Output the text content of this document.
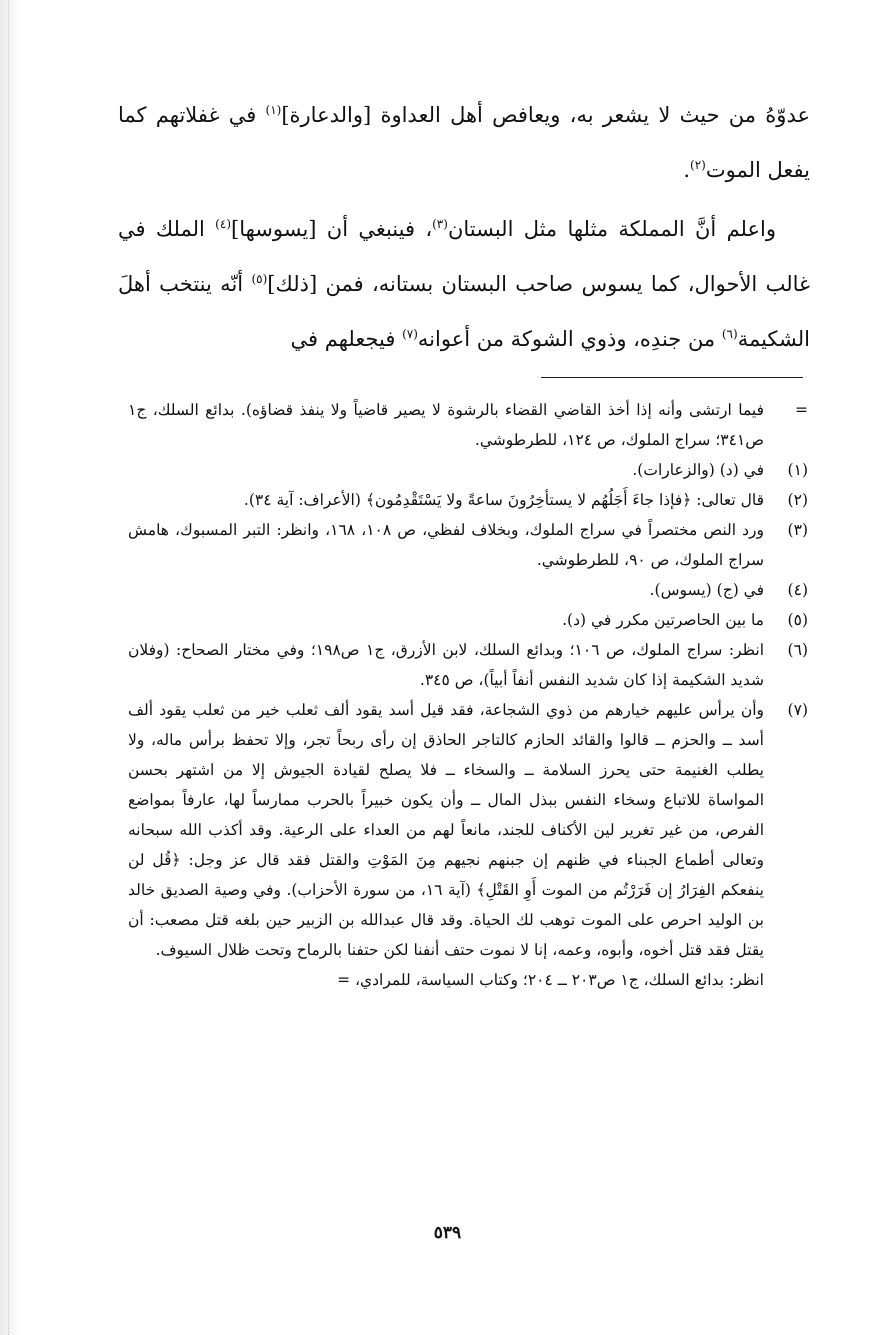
عدوّهُ من حيث لا يشعر به، ويعافص أهل العداوة [والدعارة]$^{(١)}$ في غفلاتهم كما يفعل الموت$^{(٢)}$.

واعلم أنَّ المملكة مثلها مثل البستان$^{(٣)}$، فينبغي أن [يسوسها]$^{(٤)}$ الملك في غالب الأحوال، كما يسوس صاحب البستان بستانه، فمن [ذلك]$^{(٥)}$ أنّه ينتخب أهلَ الشكيمة$^{(٦)}$ من جندِه، وذوي الشوكة من أعوانه$^{(٧)}$ فيجعلهم في

=
فيما ارتشى وأنه إذا أخذ القاضي القضاء بالرشوة لا يصير قاضياً ولا ينفذ قضاؤه). بدائع السلك، ج١ ص٣٤١؛ سراج الملوك، ص ١٢٤، للطرطوشي.
(١)
في (د) (والزعارات).
(٢)
قال تعالى: ﴿فإذا جاءَ أَجَلُهُم لا يستأخِرُونَ ساعةً ولا يَسْتَقْدِمُون﴾ (الأعراف: آية ٣٤).
(٣)
ورد النص مختصراً في سراج الملوك، وبخلاف لفظي، ص ١٠٨، ١٦٨، وانظر: التبر المسبوك، هامش سراج الملوك، ص ٩٠، للطرطوشي.
(٤)
في (ج) (يسوس).
(٥)
ما بين الحاصرتين مكرر في (د).
(٦)
انظر: سراج الملوك، ص ١٠٦؛ وبدائع السلك، لابن الأزرق، ج١ ص١٩٨؛ وفي مختار الصحاح: (وفلان شديد الشكيمة إذا كان شديد النفس أنفاً أبياً)، ص ٣٤٥.
(٧)
وأن يرأس عليهم خيارهم من ذوي الشجاعة، فقد قيل أسد يقود ألف ثعلب خير من ثعلب يقود ألف أسد ــ والحزم ــ قالوا والقائد الحازم كالتاجر الحاذق إن رأى ربحاً تجر، وإلا تحفظ برأس ماله، ولا يطلب الغنيمة حتى يحرز السلامة ــ والسخاء ــ فلا يصلح لقيادة الجيوش إلا من اشتهر بحسن المواساة للاتباع وسخاء النفس ببذل المال ــ وأن يكون خبيراً بالحرب ممارساً لها، عارفاً بمواضع الفرص، من غير تغرير لين الأكناف للجند، مانعاً لهم من العداء على الرعية. وقد أكذب الله سبحانه وتعالى أطماع الجبناء في ظنهم إن جبنهم نجيهم مِنَ المَوْتِ والقتل فقد قال عز وجل: ﴿قُل لن ينفعكم الفِرَارُ إن فَرَرْتُم من الموت أَوِ القَتْلِ﴾ (آية ١٦، من سورة الأحزاب). وفي وصية الصديق خالد بن الوليد احرص على الموت توهب لك الحياة. وقد قال عبدالله بن الزبير حين بلغه قتل مصعب: أن يقتل فقد قتل أخوه، وأبوه، وعمه، إنا لا نموت حتف أنفنا لكن حتفنا بالرماح وتحت ظلال السيوف.
انظر: بدائع السلك، ج١ ص٢٠٣ ــ ٢٠٤؛ وكتاب السياسة، للمرادي، =
٥٣٩
